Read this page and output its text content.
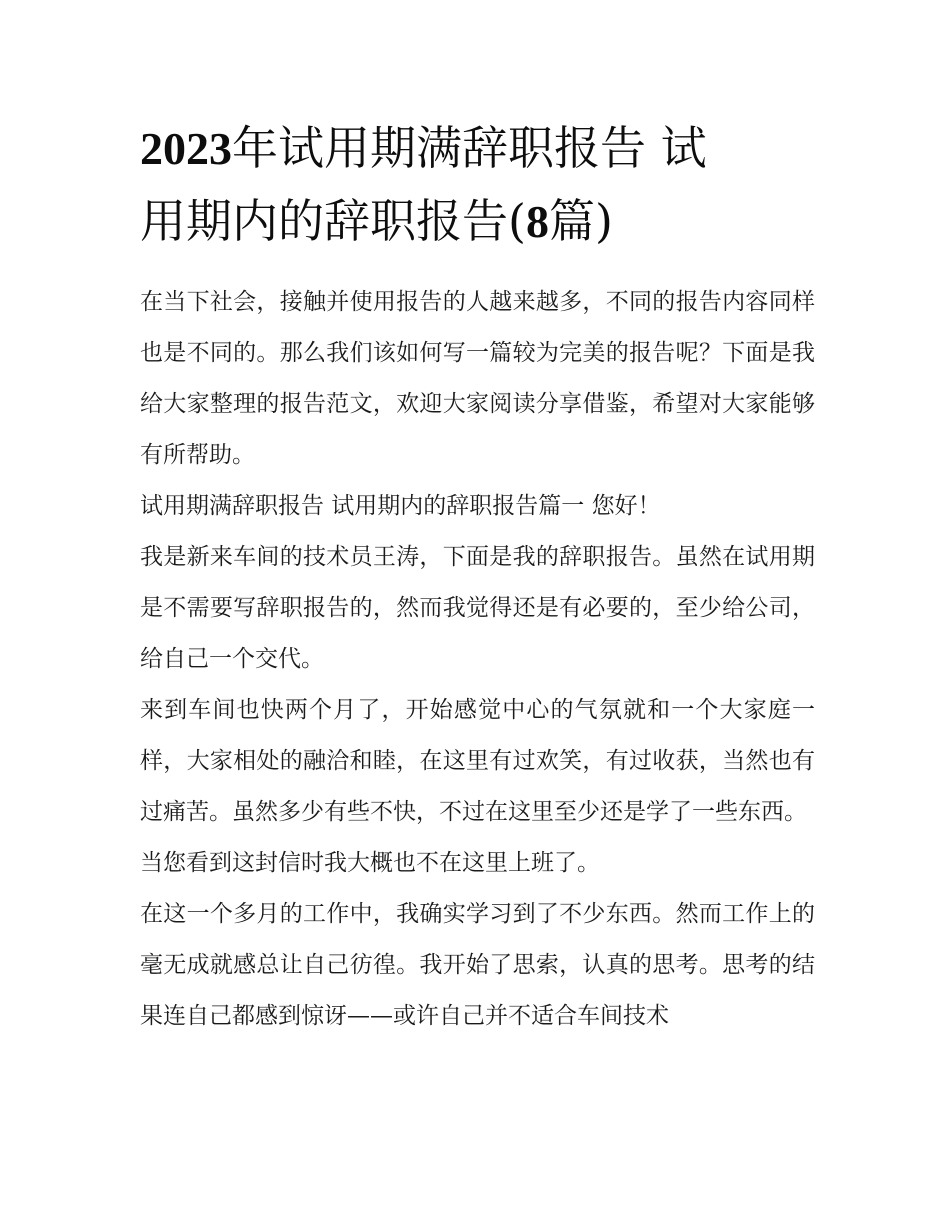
2023年试用期满辞职报告 试
用期内的辞职报告(8篇)

在当下社会，接触并使用报告的人越来越多，不同的报告内容同样也是不同的。那么我们该如何写一篇较为完美的报告呢？下面是我给大家整理的报告范文，欢迎大家阅读分享借鉴，希望对大家能够有所帮助。

试用期满辞职报告 试用期内的辞职报告篇一 您好！

我是新来车间的技术员王涛，下面是我的辞职报告。虽然在试用期是不需要写辞职报告的，然而我觉得还是有必要的，至少给公司，给自己一个交代。

来到车间也快两个月了，开始感觉中心的气氛就和一个大家庭一样，大家相处的融洽和睦，在这里有过欢笑，有过收获，当然也有过痛苦。虽然多少有些不快，不过在这里至少还是学了一些东西。

当您看到这封信时我大概也不在这里上班了。

在这一个多月的工作中，我确实学习到了不少东西。然而工作上的毫无成就感总让自己彷徨。我开始了思索，认真的思考。思考的结果连自己都感到惊讶——或许自己并不适合车间技术
